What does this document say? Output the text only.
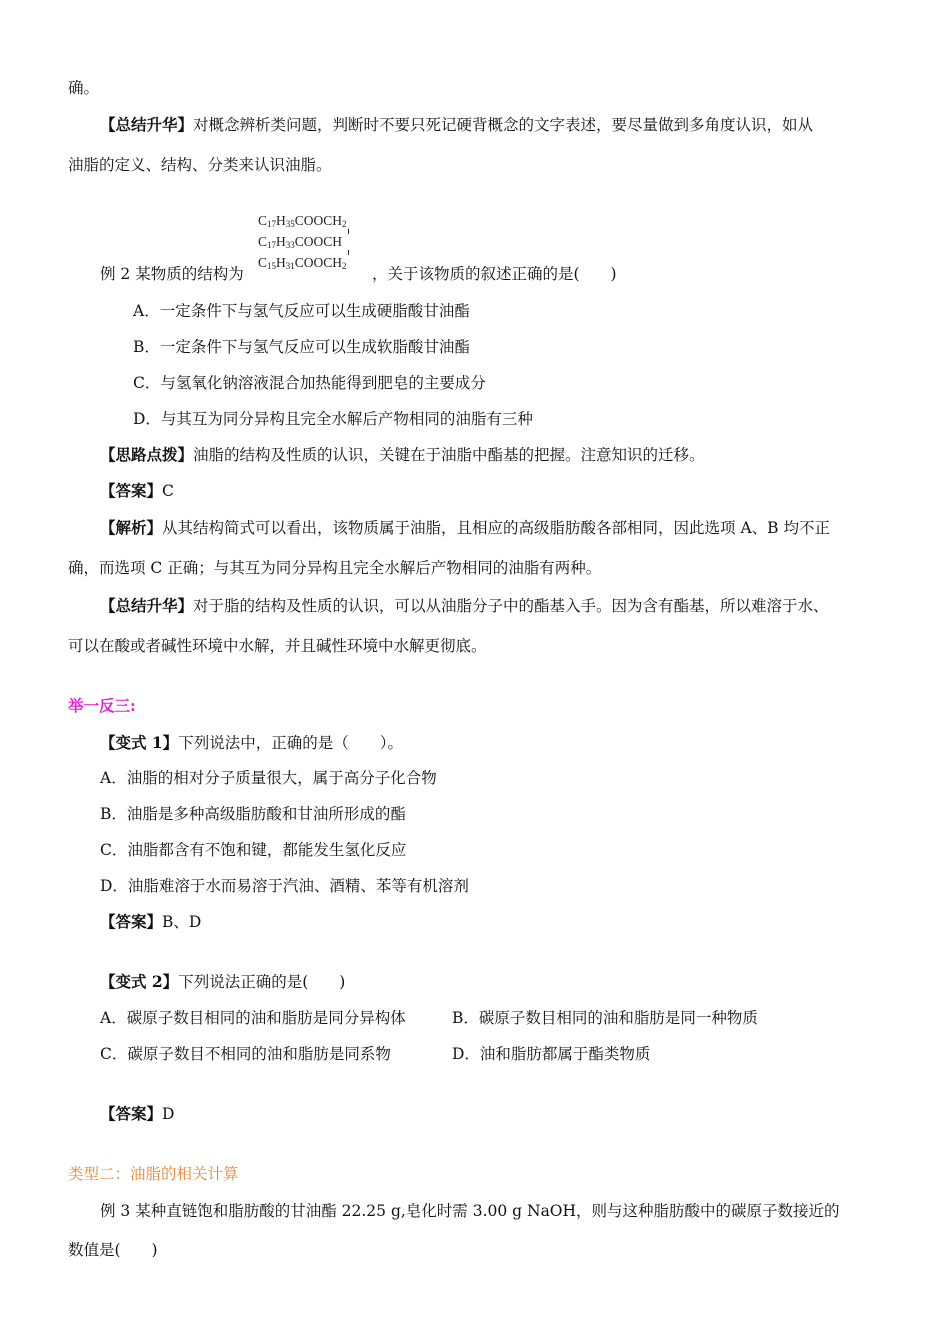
确。
【总结升华】对概念辨析类问题，判断时不要只死记硬背概念的文字表述，要尽量做到多角度认识，如从
油脂的定义、结构、分类来认识油脂。
$C_{17}H_{35}COOCH_2$
$C_{17}H_{33}COOCH$
$C_{15}H_{31}COOCH_2$
例 2 某物质的结构为	，关于该物质的叙述正确的是(　　)
A．一定条件下与氢气反应可以生成硬脂酸甘油酯
B．一定条件下与氢气反应可以生成软脂酸甘油酯
C．与氢氧化钠溶液混合加热能得到肥皂的主要成分
D．与其互为同分异构且完全水解后产物相同的油脂有三种
【思路点拨】油脂的结构及性质的认识，关键在于油脂中酯基的把握。注意知识的迁移。
【答案】C
【解析】从其结构简式可以看出，该物质属于油脂，且相应的高级脂肪酸各部相同，因此选项 A、B 均不正
确，而选项 C 正确；与其互为同分异构且完全水解后产物相同的油脂有两种。
【总结升华】对于脂的结构及性质的认识，可以从油脂分子中的酯基入手。因为含有酯基，所以难溶于水、
可以在酸或者碱性环境中水解，并且碱性环境中水解更彻底。
举一反三:
【变式 1】下列说法中，正确的是（　　）。
A．油脂的相对分子质量很大，属于高分子化合物
B．油脂是多种高级脂肪酸和甘油所形成的酯
C．油脂都含有不饱和键，都能发生氢化反应
D．油脂难溶于水而易溶于汽油、酒精、苯等有机溶剂
【答案】B、D
【变式 2】下列说法正确的是(　　)
A．碳原子数目相同的油和脂肪是同分异构体	B．碳原子数目相同的油和脂肪是同一种物质
C．碳原子数目不相同的油和脂肪是同系物	D．油和脂肪都属于酯类物质
【答案】D
类型二：油脂的相关计算
例 3 某种直链饱和脂肪酸的甘油酯 22.25 g,皂化时需 3.00 g NaOH，则与这种脂肪酸中的碳原子数接近的
数值是(　　)
